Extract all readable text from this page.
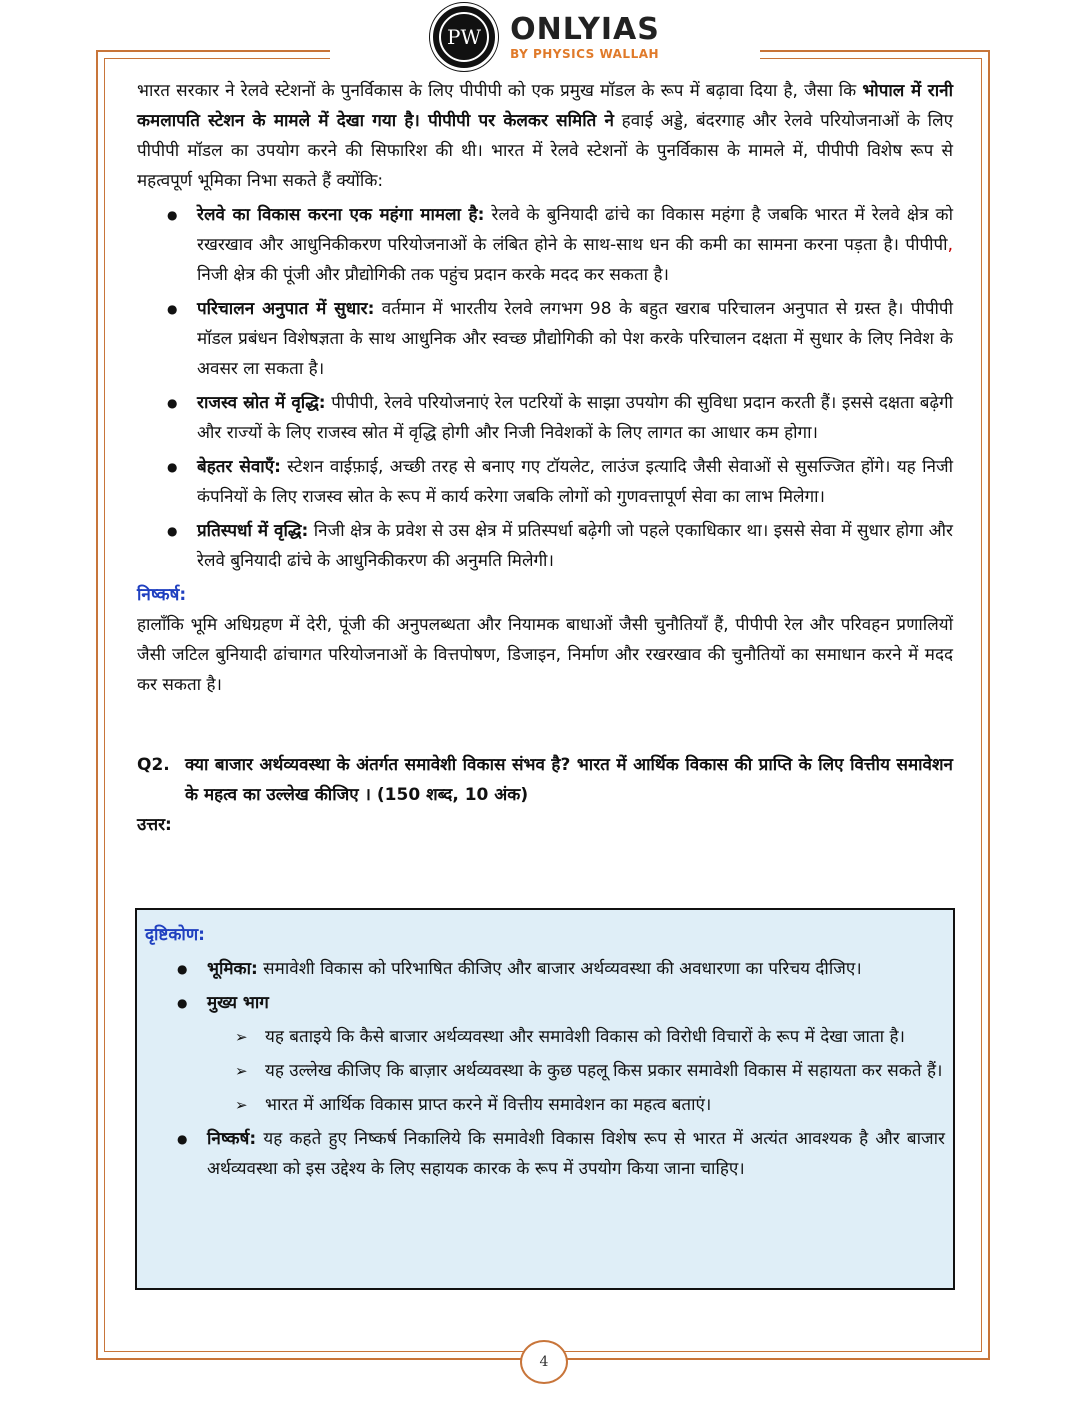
PW ONLYIAS
BY PHYSICS WALLAH

भारत सरकार ने रेलवे स्टेशनों के पुनर्विकास के लिए पीपीपी को एक प्रमुख मॉडल के रूप में बढ़ावा दिया है, जैसा कि भोपाल में रानी कमलापति स्टेशन के मामले में देखा गया है। पीपीपी पर केलकर समिति ने हवाई अड्डे, बंदरगाह और रेलवे परियोजनाओं के लिए पीपीपी मॉडल का उपयोग करने की सिफारिश की थी। भारत में रेलवे स्टेशनों के पुनर्विकास के मामले में, पीपीपी विशेष रूप से महत्वपूर्ण भूमिका निभा सकते हैं क्योंकि:

● रेलवे का विकास करना एक महंगा मामला है: रेलवे के बुनियादी ढांचे का विकास महंगा है जबकि भारत में रेलवे क्षेत्र को रखरखाव और आधुनिकीकरण परियोजनाओं के लंबित होने के साथ-साथ धन की कमी का सामना करना पड़ता है। पीपीपी, निजी क्षेत्र की पूंजी और प्रौद्योगिकी तक पहुंच प्रदान करके मदद कर सकता है।
● परिचालन अनुपात में सुधार: वर्तमान में भारतीय रेलवे लगभग 98 के बहुत खराब परिचालन अनुपात से ग्रस्त है। पीपीपी मॉडल प्रबंधन विशेषज्ञता के साथ आधुनिक और स्वच्छ प्रौद्योगिकी को पेश करके परिचालन दक्षता में सुधार के लिए निवेश के अवसर ला सकता है।
● राजस्व स्रोत में वृद्धि: पीपीपी, रेलवे परियोजनाएं रेल पटरियों के साझा उपयोग की सुविधा प्रदान करती हैं। इससे दक्षता बढ़ेगी और राज्यों के लिए राजस्व स्रोत में वृद्धि होगी और निजी निवेशकों के लिए लागत का आधार कम होगा।
● बेहतर सेवाएँ: स्टेशन वाईफ़ाई, अच्छी तरह से बनाए गए टॉयलेट, लाउंज इत्यादि जैसी सेवाओं से सुसज्जित होंगे। यह निजी कंपनियों के लिए राजस्व स्रोत के रूप में कार्य करेगा जबकि लोगों को गुणवत्तापूर्ण सेवा का लाभ मिलेगा।
● प्रतिस्पर्धा में वृद्धि: निजी क्षेत्र के प्रवेश से उस क्षेत्र में प्रतिस्पर्धा बढ़ेगी जो पहले एकाधिकार था। इससे सेवा में सुधार होगा और रेलवे बुनियादी ढांचे के आधुनिकीकरण की अनुमति मिलेगी।

निष्कर्ष:

हालाँकि भूमि अधिग्रहण में देरी, पूंजी की अनुपलब्धता और नियामक बाधाओं जैसी चुनौतियाँ हैं, पीपीपी रेल और परिवहन प्रणालियों जैसी जटिल बुनियादी ढांचागत परियोजनाओं के वित्तपोषण, डिजाइन, निर्माण और रखरखाव की चुनौतियों का समाधान करने में मदद कर सकता है।

Q2. क्या बाजार अर्थव्यवस्था के अंतर्गत समावेशी विकास संभव है? भारत में आर्थिक विकास की प्राप्ति के लिए वित्तीय समावेशन के महत्व का उल्लेख कीजिए । (150 शब्द, 10 अंक)

उत्तर:

दृष्टिकोण:

● भूमिका: समावेशी विकास को परिभाषित कीजिए और बाजार अर्थव्यवस्था की अवधारणा का परिचय दीजिए।
● मुख्य भाग
➢ यह बताइये कि कैसे बाजार अर्थव्यवस्था और समावेशी विकास को विरोधी विचारों के रूप में देखा जाता है।
➢ यह उल्लेख कीजिए कि बाज़ार अर्थव्यवस्था के कुछ पहलू किस प्रकार समावेशी विकास में सहायता कर सकते हैं।
➢ भारत में आर्थिक विकास प्राप्त करने में वित्तीय समावेशन का महत्व बताएं।
● निष्कर्ष: यह कहते हुए निष्कर्ष निकालिये कि समावेशी विकास विशेष रूप से भारत में अत्यंत आवश्यक है और बाजार अर्थव्यवस्था को इस उद्देश्य के लिए सहायक कारक के रूप में उपयोग किया जाना चाहिए।
4
